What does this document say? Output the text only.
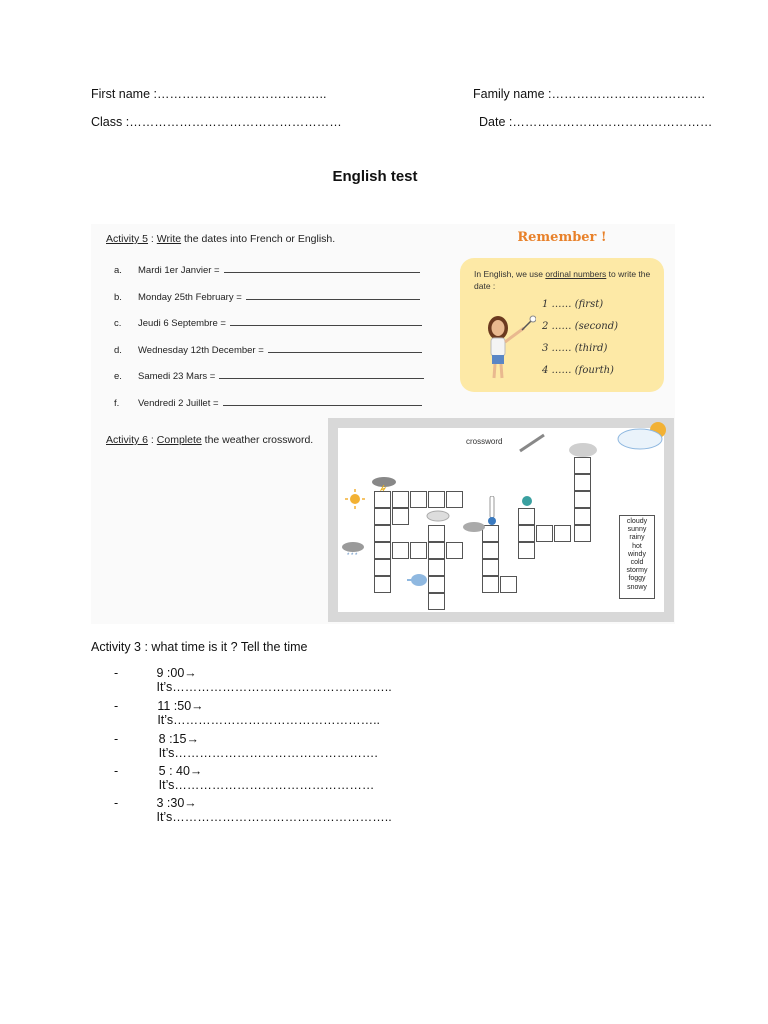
First name :…………………………………..	Family name :……………………………….
Class :……………………………………………	Date :…………………………………………
English test
Activity 5 : Write the dates into French or English.
a.	Mardi 1er Janvier =
b.	Monday 25th February =
c.	Jeudi 6 Septembre =
d.	Wednesday 12th December =
e.	Samedi 23 Mars =
f.	Vendredi 2 Juillet =
Remember !
In English, we use ordinal numbers to write the date :
1 …… (first)
2 …… (second)
3 …… (third)
4 …… (fourth)
Activity 6 : Complete the weather crossword.	crossword
* * *
cloudy
sunny
rainy
hot
windy
cold
stormy
foggy
snowy
Activity 3 : what time is it ? Tell the time
-	9 :00→ It’s……………………………………………..
-	11 :50→ It’s…………………………………………..
-	8 :15→ It’s………………………………………….
-	5 : 40→ It’s…………………………………………
-	3 :30→ It’s……………………………………………..
